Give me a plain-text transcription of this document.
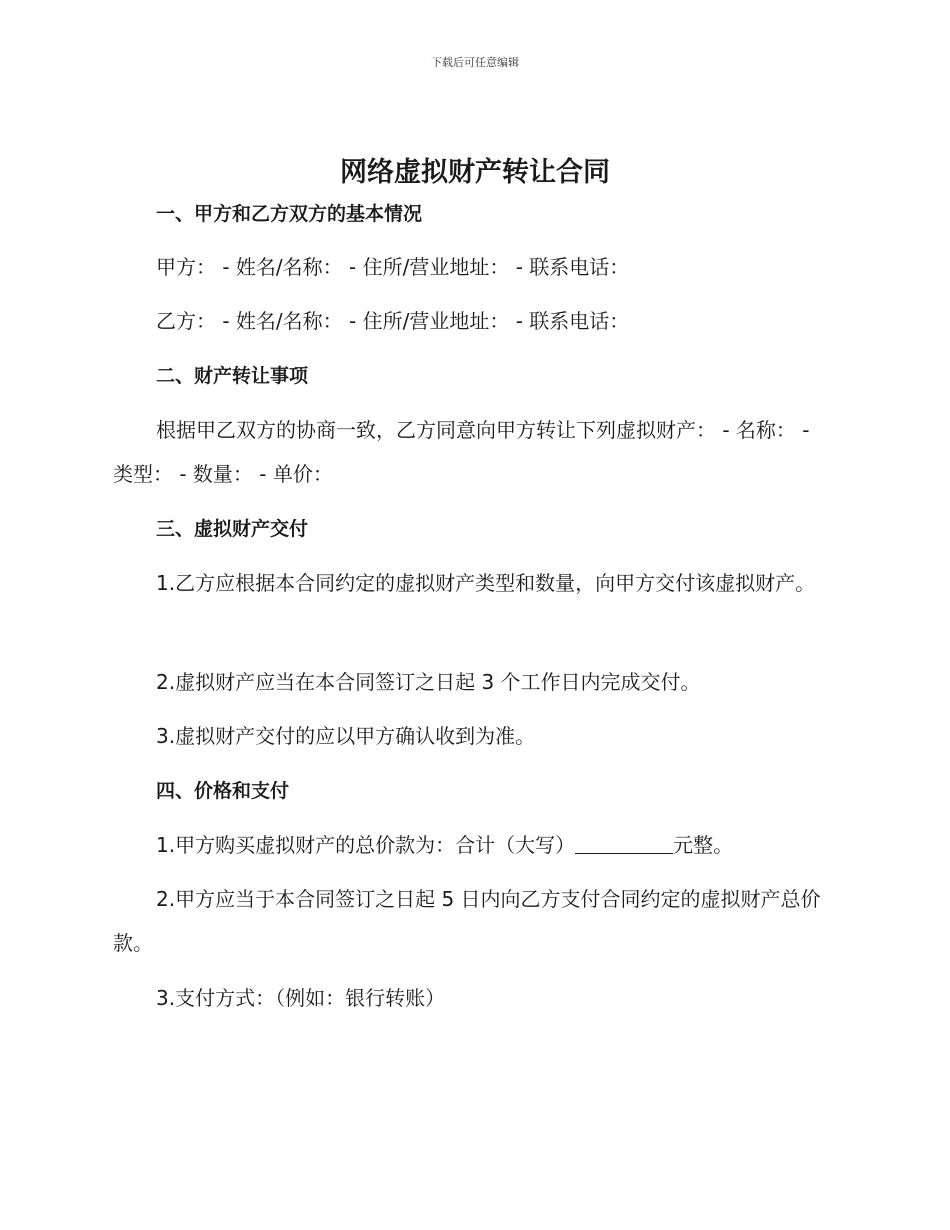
下载后可任意编辑
网络虚拟财产转让合同
一、甲方和乙方双方的基本情况
甲方： - 姓名/名称： - 住所/营业地址： - 联系电话：
乙方： - 姓名/名称： - 住所/营业地址： - 联系电话：
二、财产转让事项
根据甲乙双方的协商一致，乙方同意向甲方转让下列虚拟财产： - 名称： - 类型： - 数量： - 单价：
三、虚拟财产交付
1.乙方应根据本合同约定的虚拟财产类型和数量，向甲方交付该虚拟财产。
2.虚拟财产应当在本合同签订之日起 3 个工作日内完成交付。
3.虚拟财产交付的应以甲方确认收到为准。
四、价格和支付
1.甲方购买虚拟财产的总价款为：合计（大写）	元整。
2.甲方应当于本合同签订之日起 5 日内向乙方支付合同约定的虚拟财产总价款。
3.支付方式：（例如：银行转账）
